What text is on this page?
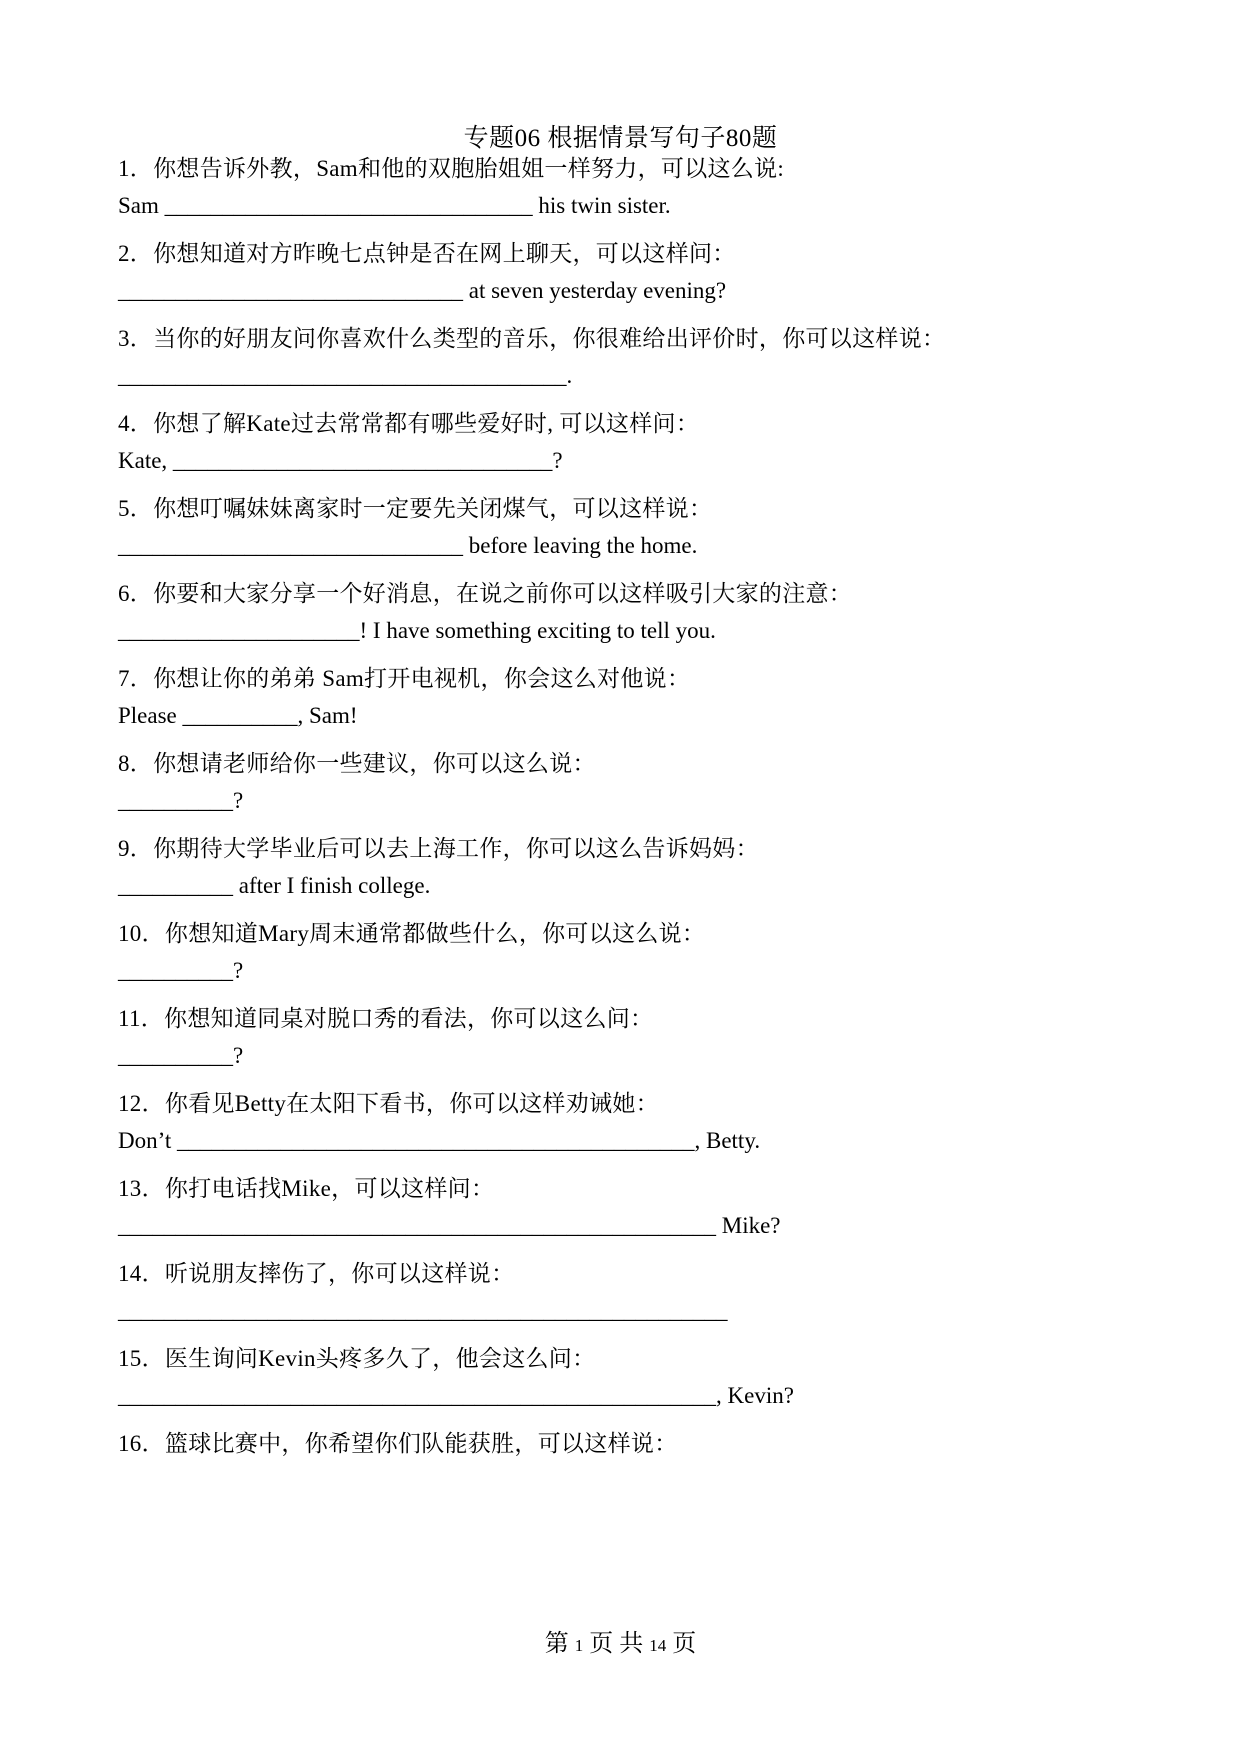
专题06 根据情景写句子80题
1．你想告诉外教，Sam和他的双胞胎姐姐一样努力，可以这么说:
Sam ________________________________ his twin sister.
2．你想知道对方昨晚七点钟是否在网上聊天，可以这样问：
______________________________ at seven yesterday evening?
3．当你的好朋友问你喜欢什么类型的音乐，你很难给出评价时，你可以这样说：
_______________________________________.
4．你想了解Kate过去常常都有哪些爱好时, 可以这样问：
Kate, _________________________________?
5．你想叮嘱妹妹离家时一定要先关闭煤气，可以这样说：
______________________________ before leaving the home.
6．你要和大家分享一个好消息，在说之前你可以这样吸引大家的注意：
_____________________! I have something exciting to tell you.
7．你想让你的弟弟 Sam打开电视机，你会这么对他说：
Please __________, Sam!
8．你想请老师给你一些建议，你可以这么说：
__________?
9．你期待大学毕业后可以去上海工作，你可以这么告诉妈妈：
__________ after I finish college.
10．你想知道Mary周末通常都做些什么，你可以这么说：
__________?
11．你想知道同桌对脱口秀的看法，你可以这么问：
__________?
12．你看见Betty在太阳下看书，你可以这样劝诫她：
Don’t _____________________________________________, Betty.
13．你打电话找Mike，可以这样问：
____________________________________________________ Mike?
14．听说朋友摔伤了，你可以这样说：
_____________________________________________________
15．医生询问Kevin头疼多久了，他会这么问：
____________________________________________________, Kevin?
16．篮球比赛中，你希望你们队能获胜，可以这样说：
第 1 页 共 14 页
